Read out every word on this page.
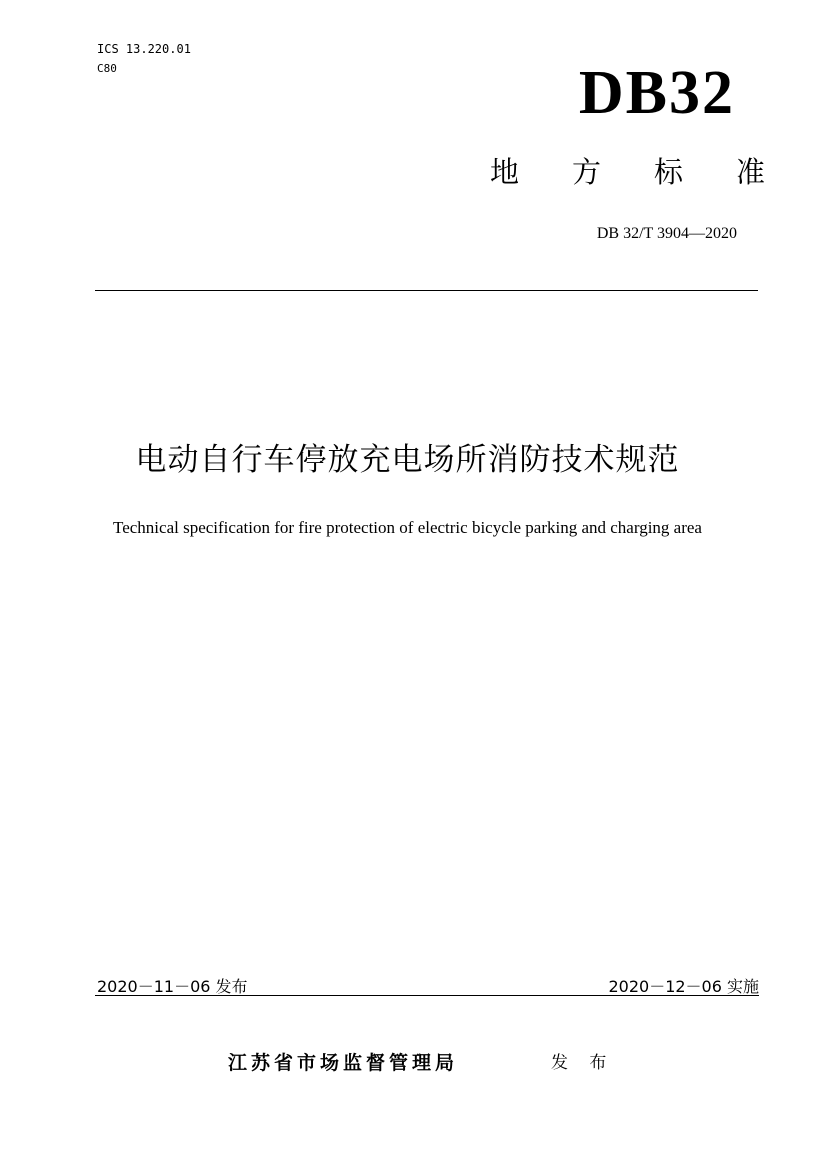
ICS 13.220.01
C80	DB32
地 方 标 准
DB 32/T 3904—2020
电动自行车停放充电场所消防技术规范
Technical specification for fire protection of electric bicycle parking and charging area
2020－11－06 发布	2020－12－06 实施
江苏省市场监督管理局	发 布
